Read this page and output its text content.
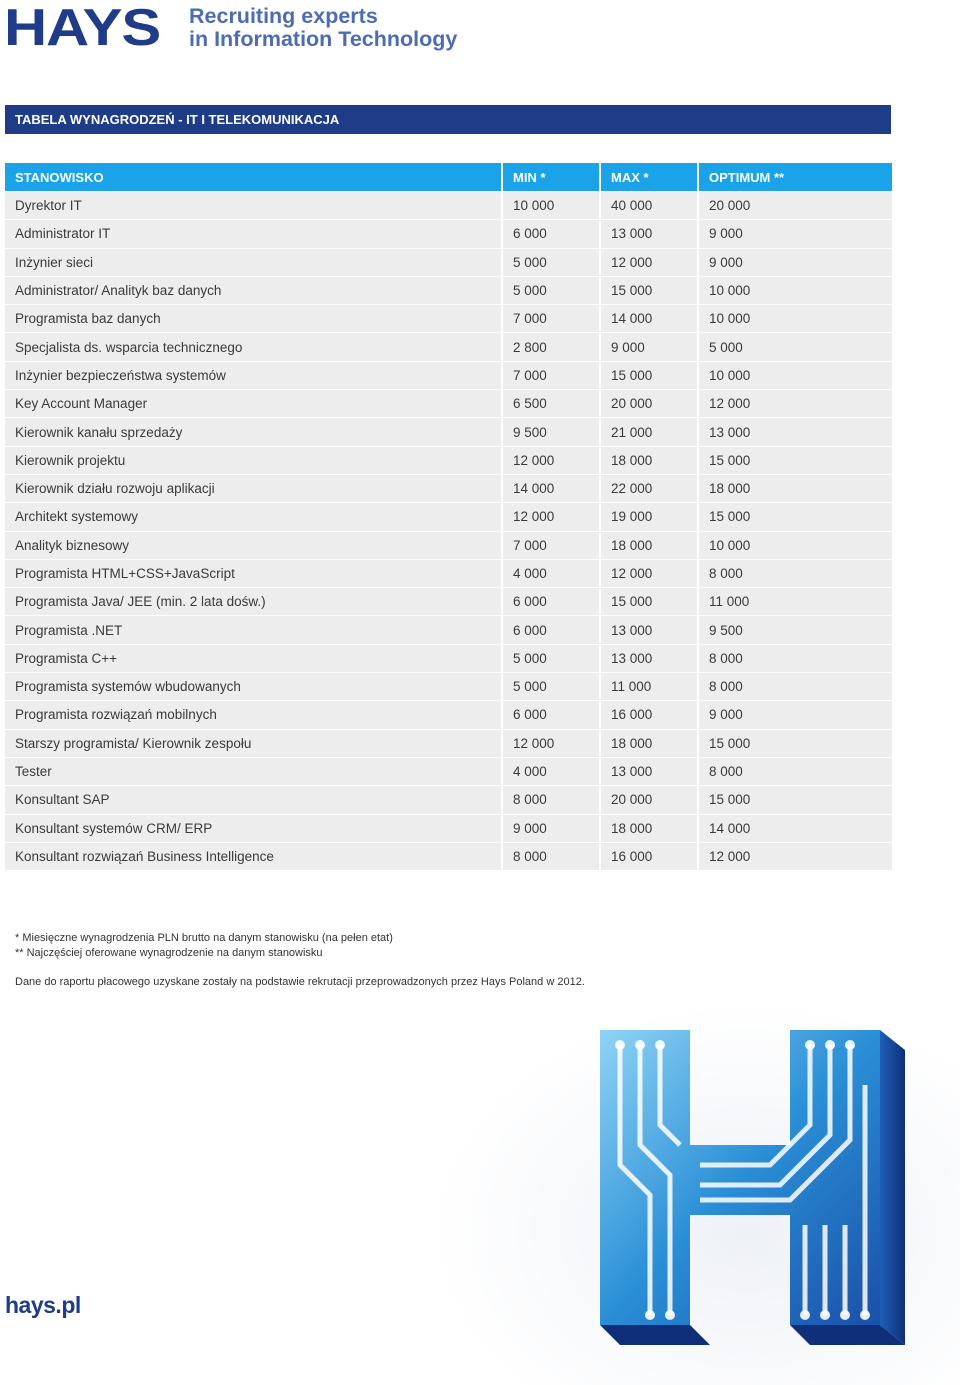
HAYS	Recruiting experts
in Information Technology
TABELA WYNAGRODZEŃ - IT I TELEKOMUNIKACJA
STANOWISKO	MIN *	MAX *	OPTIMUM **
Dyrektor IT	10 000	40 000	20 000
Administrator IT	6 000	13 000	9 000
Inżynier sieci	5 000	12 000	9 000
Administrator/ Analityk baz danych	5 000	15 000	10 000
Programista baz danych	7 000	14 000	10 000
Specjalista ds. wsparcia technicznego	2 800	9 000	5 000
Inżynier bezpieczeństwa systemów	7 000	15 000	10 000
Key Account Manager	6 500	20 000	12 000
Kierownik kanału sprzedaży	9 500	21 000	13 000
Kierownik projektu	12 000	18 000	15 000
Kierownik działu rozwoju aplikacji	14 000	22 000	18 000
Architekt systemowy	12 000	19 000	15 000
Analityk biznesowy	7 000	18 000	10 000
Programista HTML+CSS+JavaScript	4 000	12 000	8 000
Programista Java/ JEE (min. 2 lata dośw.)	6 000	15 000	11 000
Programista .NET	6 000	13 000	9 500
Programista C++	5 000	13 000	8 000
Programista systemów wbudowanych	5 000	11 000	8 000
Programista rozwiązań mobilnych	6 000	16 000	9 000
Starszy programista/ Kierownik zespołu	12 000	18 000	15 000
Tester	4 000	13 000	8 000
Konsultant SAP	8 000	20 000	15 000
Konsultant systemów CRM/ ERP	9 000	18 000	14 000
Konsultant rozwiązań Business Intelligence	8 000	16 000	12 000

* Miesięczne wynagrodzenia PLN brutto na danym stanowisku (na pełen etat)

** Najczęściej oferowane wynagrodzenie na danym stanowisku

Dane do raportu płacowego uzyskane zostały na podstawie rekrutacji przeprowadzonych przez Hays Poland w 2012.

hays.pl
